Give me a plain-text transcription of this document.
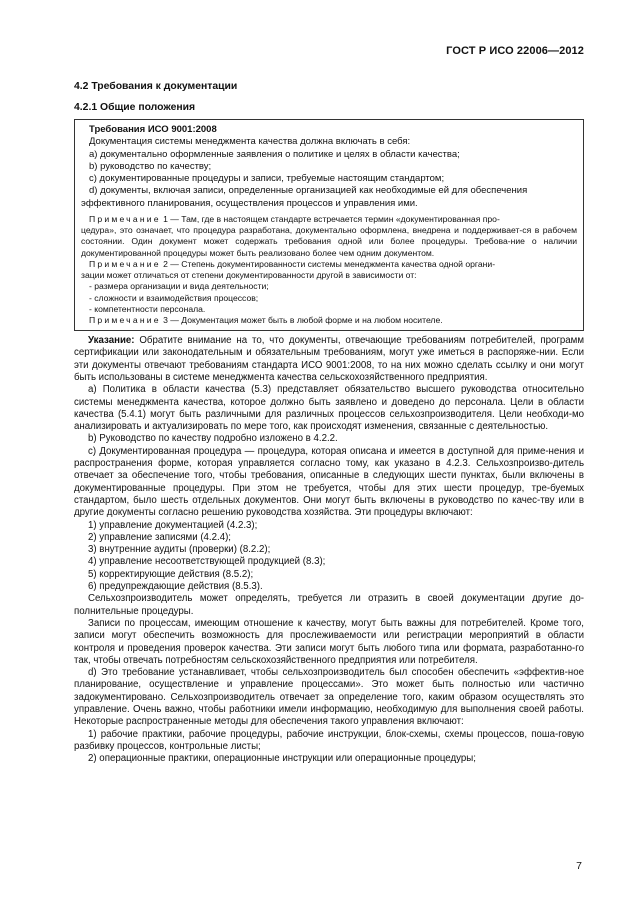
ГОСТ Р ИСО 22006—2012
4.2 Требования к документации
4.2.1 Общие положения
Требования ИСО 9001:2008

Документация системы менеджмента качества должна включать в себя:

a) документально оформленные заявления о политике и целях в области качества;

b) руководство по качеству;

c) документированные процедуры и записи, требуемые настоящим стандартом;

d) документы, включая записи, определенные организацией как необходимые ей для обеспечения

эффективного планирования, осуществления процессов и управления ими.

Примечание 1 — Там, где в настоящем стандарте встречается термин «документированная про-

цедура», это означает, что процедура разработана, документально оформлена, внедрена и поддерживает-ся в рабочем состоянии. Один документ может содержать требования одной или более процедуры. Требова-ние о наличии документированной процедуры может быть реализовано более чем одним документом.

Примечание 2 — Степень документированности системы менеджмента качества одной органи-

зации может отличаться от степени документированности другой в зависимости от:

- размера организации и вида деятельности;

- сложности и взаимодействия процессов;

- компетентности персонала.

Примечание 3 — Документация может быть в любой форме и на любом носителе.

Указание: Обратите внимание на то, что документы, отвечающие требованиям потребителей, программ сертификации или законодательным и обязательным требованиям, могут уже иметься в распоряже-нии. Если эти документы отвечают требованиям стандарта ИСО 9001:2008, то на них можно сделать ссылку и они могут быть использованы в системе менеджмента качества сельскохозяйственного предприятия.

a) Политика в области качества (5.3) представляет обязательство высшего руководства относительно системы менеджмента качества, которое должно быть заявлено и доведено до персонала. Цели в области качества (5.4.1) могут быть различными для различных процессов сельхозпроизводителя. Цели необходи-мо анализировать и актуализировать по мере того, как происходят изменения, связанные с деятельностью.

b) Руководство по качеству подробно изложено в 4.2.2.

c) Документированная процедура — процедура, которая описана и имеется в доступной для приме-нения и распространения форме, которая управляется согласно тому, как указано в 4.2.3. Сельхозпроизво-дитель отвечает за обеспечение того, чтобы требования, описанные в следующих шести пунктах, были включены в документированные процедуры. При этом не требуется, чтобы для этих шести процедур, тре-буемых стандартом, было шесть отдельных документов. Они могут быть включены в руководство по качес-тву или в другие документы согласно решению руководства хозяйства. Эти процедуры включают:

1) управление документацией (4.2.3);

2) управление записями (4.2.4);

3) внутренние аудиты (проверки) (8.2.2);

4) управление несоответствующей продукцией (8.3);

5) корректирующие действия (8.5.2);

6) предупреждающие действия (8.5.3).

Сельхозпроизводитель может определять, требуется ли отразить в своей документации другие до-полнительные процедуры.

Записи по процессам, имеющим отношение к качеству, могут быть важны для потребителей. Кроме того, записи могут обеспечить возможность для прослеживаемости или регистрации мероприятий в области контроля и проведения проверок качества. Эти записи могут быть любого типа или формата, разработанно-го так, чтобы отвечать потребностям сельскохозяйственного предприятия или потребителя.

d) Это требование устанавливает, чтобы сельхозпроизводитель был способен обеспечить «эффектив-ное планирование, осуществление и управление процессами». Это может быть полностью или частично задокументировано. Сельхозпроизводитель отвечает за определение того, каким образом осуществлять это управление. Очень важно, чтобы работники имели информацию, необходимую для выполнения своей работы. Некоторые распространенные методы для обеспечения такого управления включают:

1) рабочие практики, рабочие процедуры, рабочие инструкции, блок-схемы, схемы процессов, поша-говую разбивку процессов, контрольные листы;

2) операционные практики, операционные инструкции или операционные процедуры;

7
